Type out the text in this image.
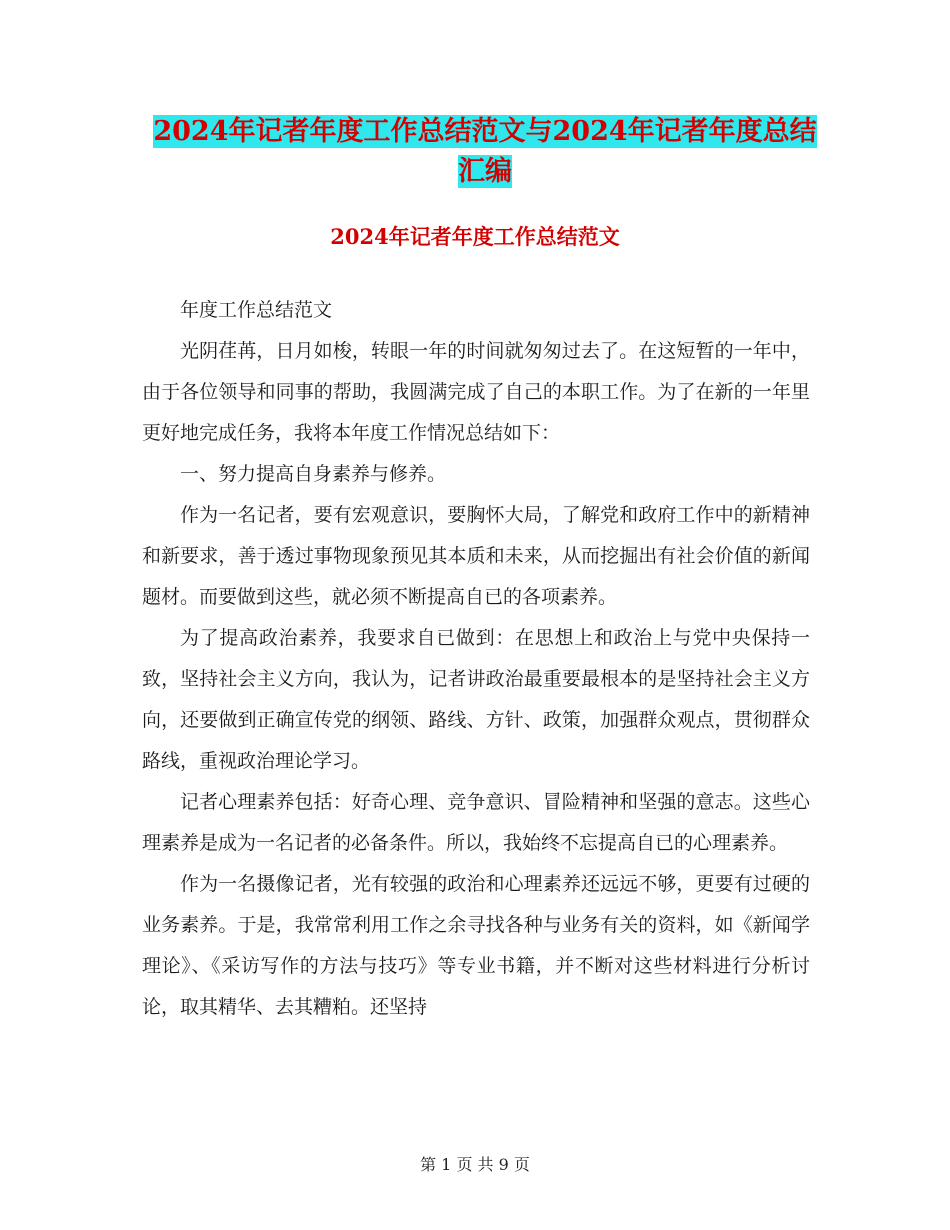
2024年记者年度工作总结范文与2024年记者年度总结
汇编
2024年记者年度工作总结范文

年度工作总结范文

光阴荏苒，日月如梭，转眼一年的时间就匆匆过去了。在这短暂的一年中，由于各位领导和同事的帮助，我圆满完成了自己的本职工作。为了在新的一年里更好地完成任务，我将本年度工作情况总结如下：

一、努力提高自身素养与修养。

作为一名记者，要有宏观意识，要胸怀大局，了解党和政府工作中的新精神和新要求，善于透过事物现象预见其本质和未来，从而挖掘出有社会价值的新闻题材。而要做到这些，就必须不断提高自已的各项素养。

为了提高政治素养，我要求自已做到：在思想上和政治上与党中央保持一致，坚持社会主义方向，我认为，记者讲政治最重要最根本的是坚持社会主义方向，还要做到正确宣传党的纲领、路线、方针、政策，加强群众观点，贯彻群众路线，重视政治理论学习。

记者心理素养包括：好奇心理、竞争意识、冒险精神和坚强的意志。这些心理素养是成为一名记者的必备条件。所以，我始终不忘提高自已的心理素养。

作为一名摄像记者，光有较强的政治和心理素养还远远不够，更要有过硬的业务素养。于是，我常常利用工作之余寻找各种与业务有关的资料，如《新闻学理论》、《采访写作的方法与技巧》等专业书籍，并不断对这些材料进行分析讨论，取其精华、去其糟粕。还坚持

第 1 页 共 9 页
